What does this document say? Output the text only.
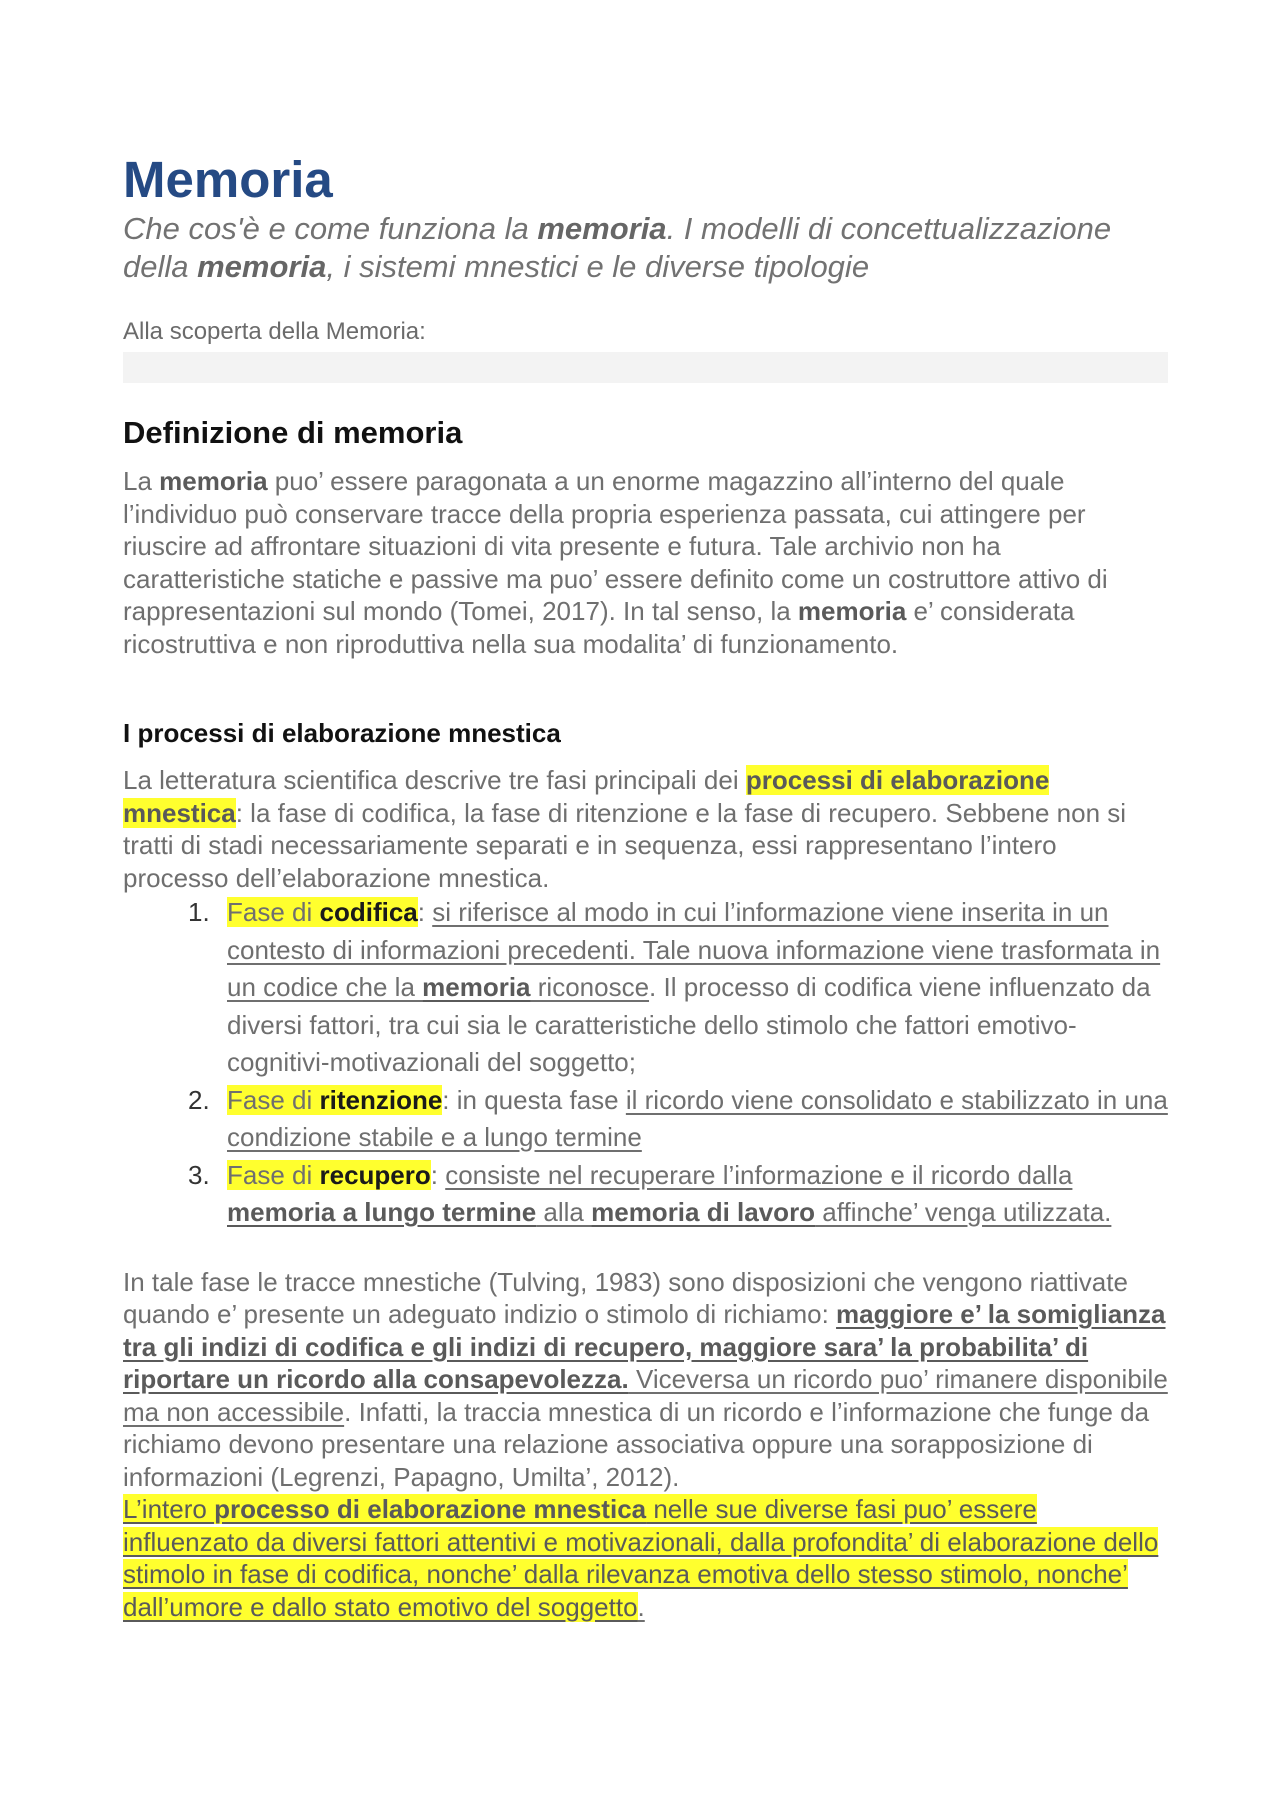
Memoria

Che cos'è e come funziona la memoria. I modelli di concettualizzazione della memoria, i sistemi mnestici e le diverse tipologie

Alla scoperta della Memoria:
Definizione di memoria

La memoria puo’ essere paragonata a un enorme magazzino all’interno del quale l’individuo può conservare tracce della propria esperienza passata, cui attingere per riuscire ad affrontare situazioni di vita presente e futura. Tale archivio non ha caratteristiche statiche e passive ma puo’ essere definito come un costruttore attivo di rappresentazioni sul mondo (Tomei, 2017). In tal senso, la memoria e’ considerata ricostruttiva e non riproduttiva nella sua modalita’ di funzionamento.

I processi di elaborazione mnestica

La letteratura scientifica descrive tre fasi principali dei processi di elaborazione mnestica: la fase di codifica, la fase di ritenzione e la fase di recupero. Sebbene non si tratti di stadi necessariamente separati e in sequenza, essi rappresentano l’intero processo dell’elaborazione mnestica.

1. Fase di codifica: si riferisce al modo in cui l’informazione viene inserita in un contesto di informazioni precedenti. Tale nuova informazione viene trasformata in un codice che la memoria riconosce. Il processo di codifica viene influenzato da diversi fattori, tra cui sia le caratteristiche dello stimolo che fattori emotivo-cognitivi-motivazionali del soggetto;
2. Fase di ritenzione: in questa fase il ricordo viene consolidato e stabilizzato in una condizione stabile e a lungo termine
3. Fase di recupero: consiste nel recuperare l’informazione e il ricordo dalla memoria a lungo termine alla memoria di lavoro affinche’ venga utilizzata.

In tale fase le tracce mnestiche (Tulving, 1983) sono disposizioni che vengono riattivate quando e’ presente un adeguato indizio o stimolo di richiamo: maggiore e’ la somiglianza tra gli indizi di codifica e gli indizi di recupero, maggiore sara’ la probabilita’ di riportare un ricordo alla consapevolezza. Viceversa un ricordo puo’ rimanere disponibile ma non accessibile. Infatti, la traccia mnestica di un ricordo e l’informazione che funge da richiamo devono presentare una relazione associativa oppure una sorapposizione di informazioni (Legrenzi, Papagno, Umilta’, 2012).

L’intero processo di elaborazione mnestica nelle sue diverse fasi puo’ essere influenzato da diversi fattori attentivi e motivazionali, dalla profondita’ di elaborazione dello stimolo in fase di codifica, nonche’ dalla rilevanza emotiva dello stesso stimolo, nonche’ dall’umore e dallo stato emotivo del soggetto.
